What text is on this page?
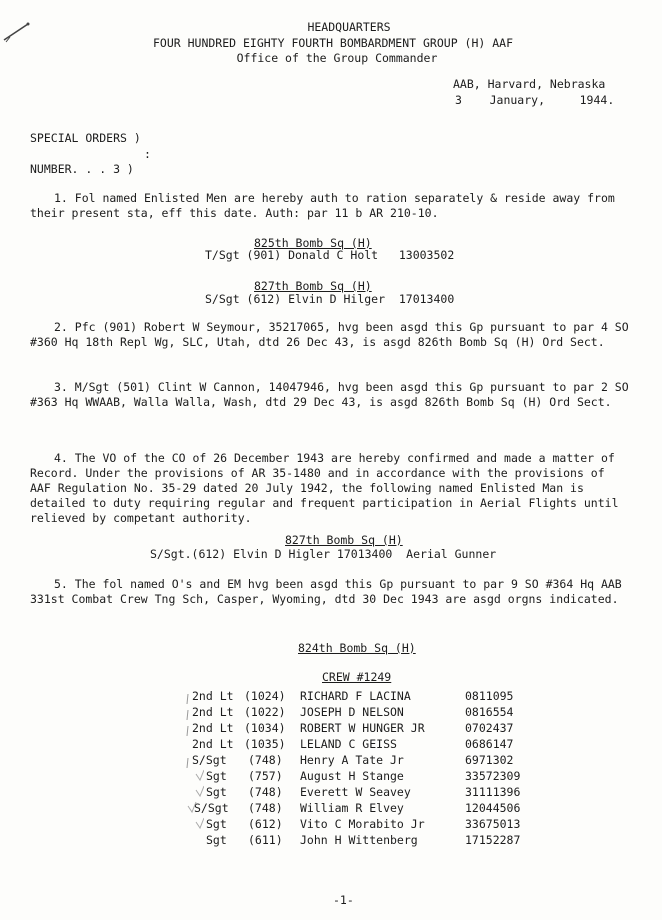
HEADQUARTERS
FOUR HUNDRED EIGHTY FOURTH BOMBARDMENT GROUP (H) AAF
Office of the Group Commander
AAB, Harvard, Nebraska
3    January,     1944.
SPECIAL ORDERS )
:
NUMBER. . . 3 )
1. Fol named Enlisted Men are hereby auth to ration separately & reside away from their present sta, eff this date. Auth: par 11 b AR 210-10.
825th Bomb Sq (H)
T/Sgt (901) Donald C Holt   13003502
827th Bomb Sq (H)
S/Sgt (612) Elvin D Hilger  17013400
2. Pfc (901) Robert W Seymour, 35217065, hvg been asgd this Gp pursuant to par 4 SO #360 Hq 18th Repl Wg, SLC, Utah, dtd 26 Dec 43, is asgd 826th Bomb Sq (H) Ord Sect.
3. M/Sgt (501) Clint W Cannon, 14047946, hvg been asgd this Gp pursuant to par 2 SO #363 Hq WWAAB, Walla Walla, Wash, dtd 29 Dec 43, is asgd 826th Bomb Sq (H) Ord Sect.
4. The VO of the CO of 26 December 1943 are hereby confirmed and made a matter of Record. Under the provisions of AR 35-1480 and in accordance with the provisions of AAF Regulation No. 35-29 dated 20 July 1942, the following named Enlisted Man is detailed to duty requiring regular and frequent participation in Aerial Flights until relieved by competant authority.
827th Bomb Sq (H)
S/Sgt.(612) Elvin D Higler 17013400  Aerial Gunner
5. The fol named O's and EM hvg been asgd this Gp pursuant to par 9 SO #364 Hq AAB 331st Combat Crew Tng Sch, Casper, Wyoming, dtd 30 Dec 1943 are asgd orgns indicated.
824th Bomb Sq (H)
CREW #1249
2nd Lt (1024) RICHARD F LACINA	0811095
2nd Lt (1022) JOSEPH D NELSON	0816554
2nd Lt (1034) ROBERT W HUNGER JR	0702437
2nd Lt (1035) LELAND C GEISS	0686147
S/Sgt (748) Henry A Tate Jr	6971302
Sgt (757) August H Stange	33572309
Sgt (748) Everett W Seavey	31111396
S/Sgt (748) William R Elvey	12044506
Sgt (612) Vito C Morabito Jr	33675013
Sgt (611) John H Wittenberg	17152287
-1-
